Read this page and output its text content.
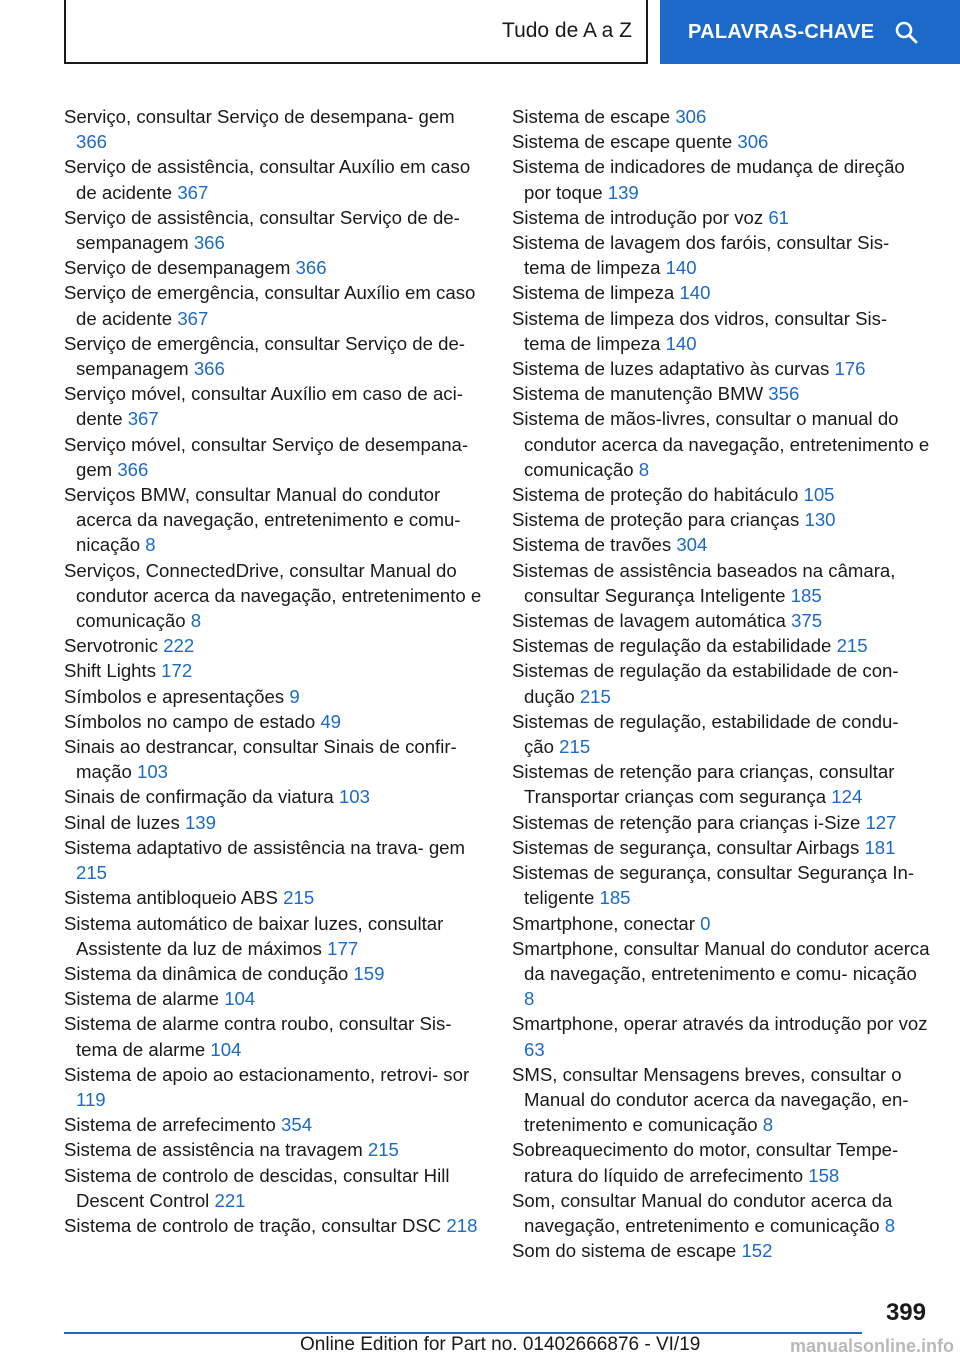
Tudo de A a Z	PALAVRAS-CHAVE
Serviço, consultar Serviço de desempana- gem 366
Serviço de assistência, consultar Auxílio em caso de acidente 367
Serviço de assistência, consultar Serviço de de- sempanagem 366
Serviço de desempanagem 366
Serviço de emergência, consultar Auxílio em caso de acidente 367
Serviço de emergência, consultar Serviço de de- sempanagem 366
Serviço móvel, consultar Auxílio em caso de aci- dente 367
Serviço móvel, consultar Serviço de desempana- gem 366
Serviços BMW, consultar Manual do condutor acerca da navegação, entretenimento e comu- nicação 8
Serviços, ConnectedDrive, consultar Manual do condutor acerca da navegação, entretenimento e comunicação 8
Servotronic 222
Shift Lights 172
Símbolos e apresentações 9
Símbolos no campo de estado 49
Sinais ao destrancar, consultar Sinais de confir- mação 103
Sinais de confirmação da viatura 103
Sinal de luzes 139
Sistema adaptativo de assistência na trava- gem 215
Sistema antibloqueio ABS 215
Sistema automático de baixar luzes, consultar Assistente da luz de máximos 177
Sistema da dinâmica de condução 159
Sistema de alarme 104
Sistema de alarme contra roubo, consultar Sis- tema de alarme 104
Sistema de apoio ao estacionamento, retrovi- sor 119
Sistema de arrefecimento 354
Sistema de assistência na travagem 215
Sistema de controlo de descidas, consultar Hill Descent Control 221
Sistema de controlo de tração, consultar DSC 218
Sistema de escape 306
Sistema de escape quente 306
Sistema de indicadores de mudança de direção por toque 139
Sistema de introdução por voz 61
Sistema de lavagem dos faróis, consultar Sis- tema de limpeza 140
Sistema de limpeza 140
Sistema de limpeza dos vidros, consultar Sis- tema de limpeza 140
Sistema de luzes adaptativo às curvas 176
Sistema de manutenção BMW 356
Sistema de mãos-livres, consultar o manual do condutor acerca da navegação, entretenimento e comunicação 8
Sistema de proteção do habitáculo 105
Sistema de proteção para crianças 130
Sistema de travões 304
Sistemas de assistência baseados na câmara, consultar Segurança Inteligente 185
Sistemas de lavagem automática 375
Sistemas de regulação da estabilidade 215
Sistemas de regulação da estabilidade de con- dução 215
Sistemas de regulação, estabilidade de condu- ção 215
Sistemas de retenção para crianças, consultar Transportar crianças com segurança 124
Sistemas de retenção para crianças i-Size 127
Sistemas de segurança, consultar Airbags 181
Sistemas de segurança, consultar Segurança In- teligente 185
Smartphone, conectar 0
Smartphone, consultar Manual do condutor acerca da navegação, entretenimento e comu- nicação 8
Smartphone, operar através da introdução por voz 63
SMS, consultar Mensagens breves, consultar o Manual do condutor acerca da navegação, en- tretenimento e comunicação 8
Sobreaquecimento do motor, consultar Tempe- ratura do líquido de arrefecimento 158
Som, consultar Manual do condutor acerca da navegação, entretenimento e comunicação 8
Som do sistema de escape 152
399
Online Edition for Part no. 01402666876 - VI/19	manualsonline.info
